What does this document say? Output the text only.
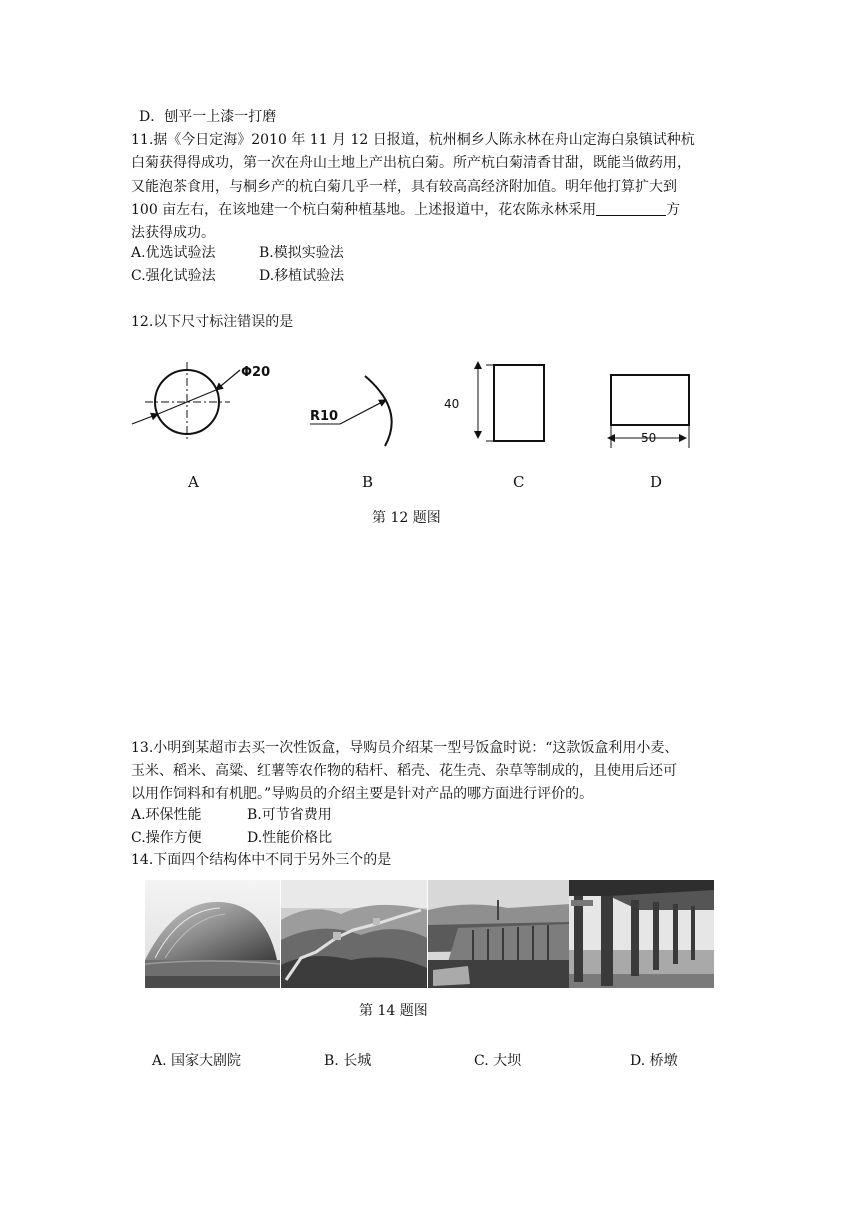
D．刨平一上漆一打磨
11.据《今日定海》2010 年 11 月 12 日报道，杭州桐乡人陈永林在舟山定海白泉镇试种杭
白菊获得得成功，第一次在舟山土地上产出杭白菊。所产杭白菊清香甘甜，既能当做药用，
又能泡茶食用，与桐乡产的杭白菊几乎一样，具有较高高经济附加值。明年他打算扩大到
100 亩左右，在该地建一个杭白菊种植基地。上述报道中，花农陈永林采用	方
法获得成功。
A.优选试验法	B.模拟实验法
C.强化试验法	D.移植试验法
12.以下尺寸标注错误的是
Φ20
R10
40
50
A	B	C	D
第 12 题图
13.小明到某超市去买一次性饭盒，导购员介绍某一型号饭盒时说：“这款饭盒利用小麦、
玉米、稻米、高粱、红薯等农作物的秸杆、稻壳、花生壳、杂草等制成的，且使用后还可
以用作饲料和有机肥。”导购员的介绍主要是针对产品的哪方面进行评价的。
A.环保性能	B.可节省费用
C.操作方便	D.性能价格比
14.下面四个结构体中不同于另外三个的是
第 14 题图
A. 国家大剧院	B. 长城	C. 大坝	D. 桥墩
